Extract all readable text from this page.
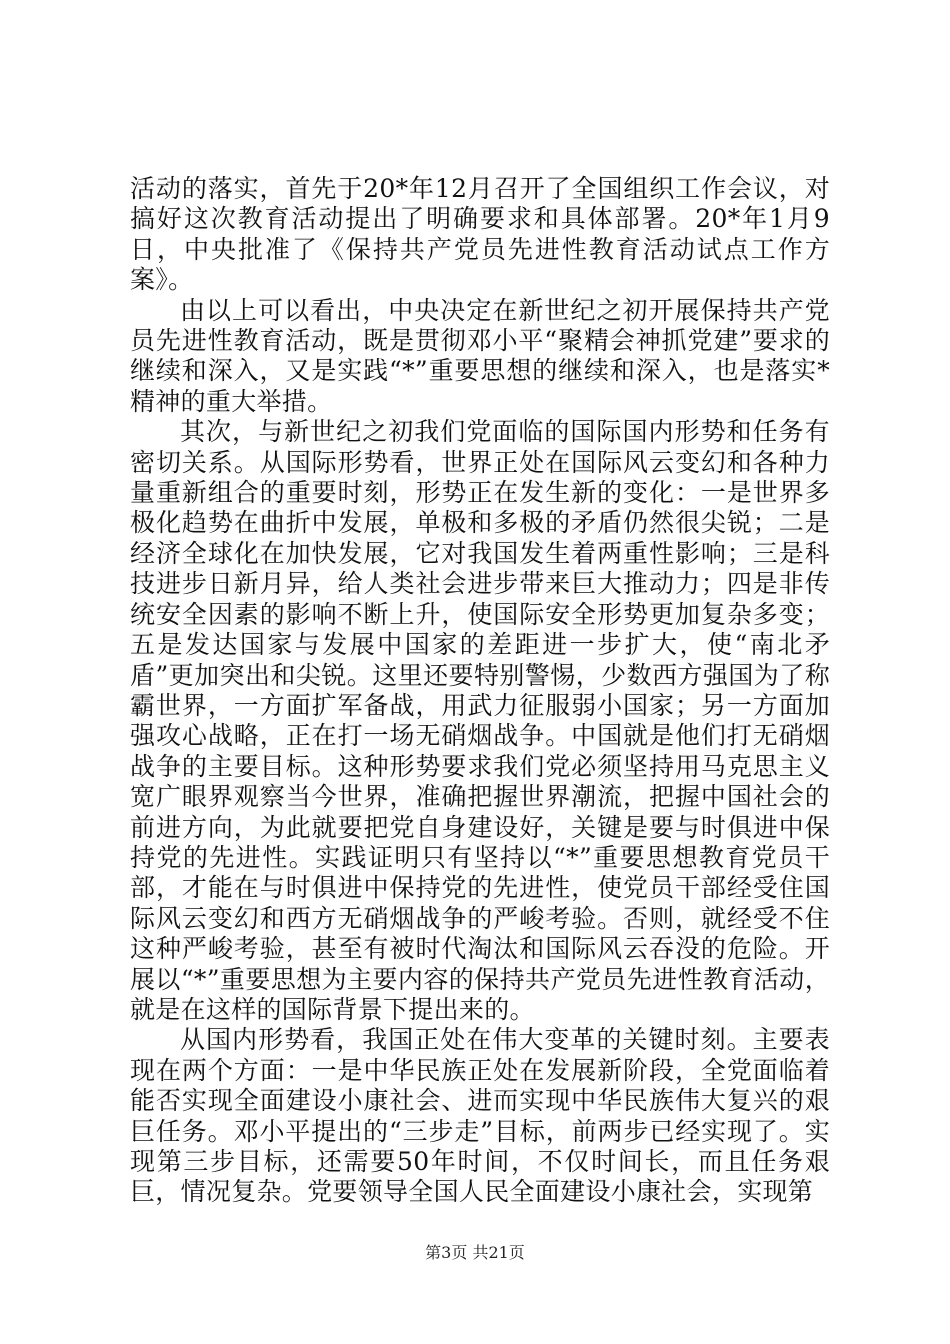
活动的落实，首先于20*年12月召开了全国组织工作会议，对搞好这次教育活动提出了明确要求和具体部署。20*年1月9日，中央批准了《保持共产党员先进性教育活动试点工作方案》。

由以上可以看出，中央决定在新世纪之初开展保持共产党员先进性教育活动，既是贯彻邓小平“聚精会神抓党建”要求的继续和深入，又是实践“*”重要思想的继续和深入，也是落实*精神的重大举措。

其次，与新世纪之初我们党面临的国际国内形势和任务有密切关系。从国际形势看，世界正处在国际风云变幻和各种力量重新组合的重要时刻，形势正在发生新的变化：一是世界多极化趋势在曲折中发展，单极和多极的矛盾仍然很尖锐；二是经济全球化在加快发展，它对我国发生着两重性影响；三是科技进步日新月异，给人类社会进步带来巨大推动力；四是非传统安全因素的影响不断上升，使国际安全形势更加复杂多变；五是发达国家与发展中国家的差距进一步扩大，使“南北矛盾”更加突出和尖锐。这里还要特别警惕，少数西方强国为了称霸世界，一方面扩军备战，用武力征服弱小国家；另一方面加强攻心战略，正在打一场无硝烟战争。中国就是他们打无硝烟战争的主要目标。这种形势要求我们党必须坚持用马克思主义宽广眼界观察当今世界，准确把握世界潮流，把握中国社会的前进方向，为此就要把党自身建设好，关键是要与时俱进中保持党的先进性。实践证明只有坚持以“*”重要思想教育党员干部，才能在与时俱进中保持党的先进性，使党员干部经受住国际风云变幻和西方无硝烟战争的严峻考验。否则，就经受不住这种严峻考验，甚至有被时代淘汰和国际风云吞没的危险。开展以“*”重要思想为主要内容的保持共产党员先进性教育活动，就是在这样的国际背景下提出来的。

从国内形势看，我国正处在伟大变革的关键时刻。主要表现在两个方面：一是中华民族正处在发展新阶段，全党面临着能否实现全面建设小康社会、进而实现中华民族伟大复兴的艰巨任务。邓小平提出的“三步走”目标，前两步已经实现了。实现第三步目标，还需要50年时间，不仅时间长，而且任务艰巨，情况复杂。党要领导全国人民全面建设小康社会，实现第

第3页 共21页
